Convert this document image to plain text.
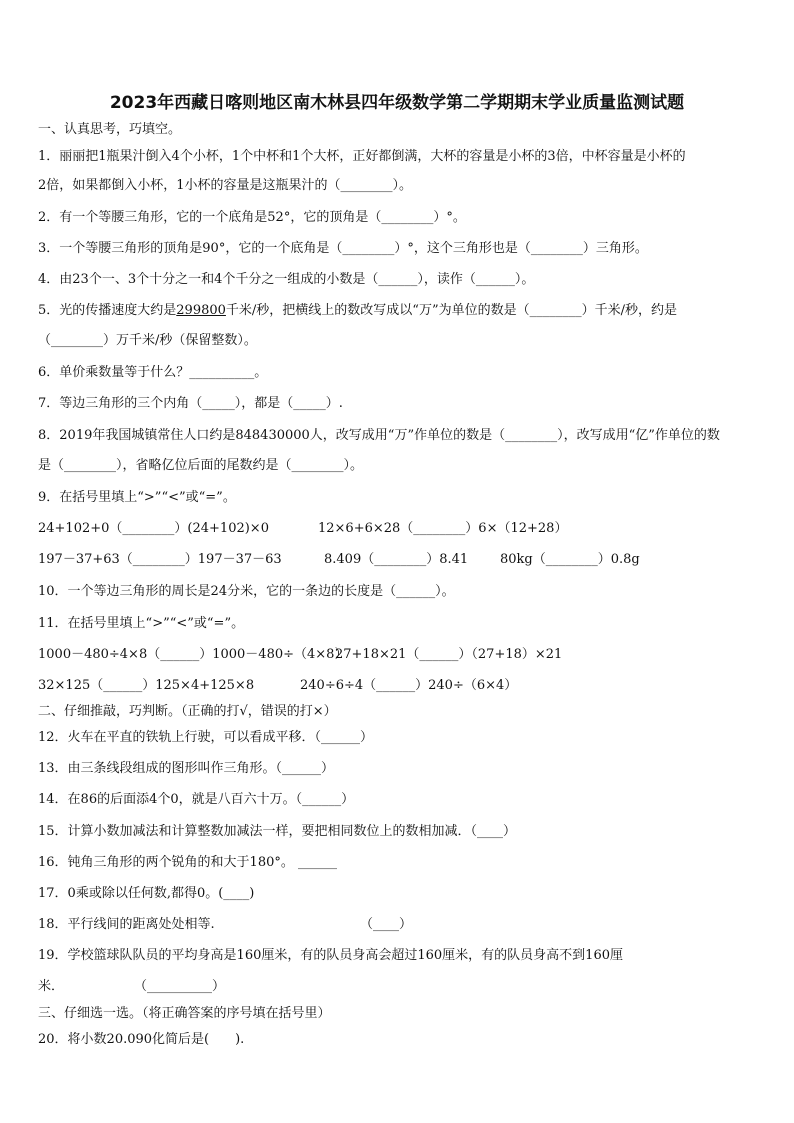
2023年西藏日喀则地区南木林县四年级数学第二学期期末学业质量监测试题
一、认真思考，巧填空。
1．丽丽把1瓶果汁倒入4个小杯，1个中杯和1个大杯，正好都倒满，大杯的容量是小杯的3倍，中杯容量是小杯的
2倍，如果都倒入小杯，1小杯的容量是这瓶果汁的（________）。
2．有一个等腰三角形，它的一个底角是52°，它的顶角是（________）°。
3．一个等腰三角形的顶角是90°，它的一个底角是（________）°，这个三角形也是（________）三角形。
4．由23个一、3个十分之一和4个千分之一组成的小数是（______），读作（______）。
5．光的传播速度大约是299800千米/秒，把横线上的数改写成以“万”为单位的数是（________）千米/秒，约是
（________）万千米/秒（保留整数）。
6．单价乘数量等于什么？__________。
7．等边三角形的三个内角（_____），都是（_____）.
8．2019年我国城镇常住人口约是848430000人，改写成用“万”作单位的数是（________），改写成用“亿”作单位的数
是（________），省略亿位后面的尾数约是（________）。
9．在括号里填上“>”“<”或“=”。
24+102+0（________）(24+102)×0	12×6+6×28（________）6×（12+28）
197－37+63（________）197－37－63	8.409（________）8.41 80kg（________）0.8g
10．一个等边三角形的周长是24分米，它的一条边的长度是（______）。
11．在括号里填上“>”“<”或“=”。
1000－480÷4×8（______）1000－480÷（4×8）
27+18×21（______）（27+18）×21
32×125（______）125×4+125×8	240÷6÷4（______）240÷（6×4）
二、仔细推敲，巧判断。（正确的打√，错误的打×）
12．火车在平直的铁轨上行驶，可以看成平移．（______）
13．由三条线段组成的图形叫作三角形。（______）
14．在86的后面添4个0，就是八百六十万。（______）
15．计算小数加减法和计算整数加减法一样，要把相同数位上的数相加减．（____）
16．钝角三角形的两个锐角的和大于180°。 ______
17．0乘或除以任何数,都得0。(____)
18．平行线间的距离处处相等.	（____）
19．学校篮球队队员的平均身高是160厘米，有的队员身高会超过160厘米，有的队员身高不到160厘
米．	（__________）
三、仔细选一选。（将正确答案的序号填在括号里）
20．将小数20.090化简后是(　　).
